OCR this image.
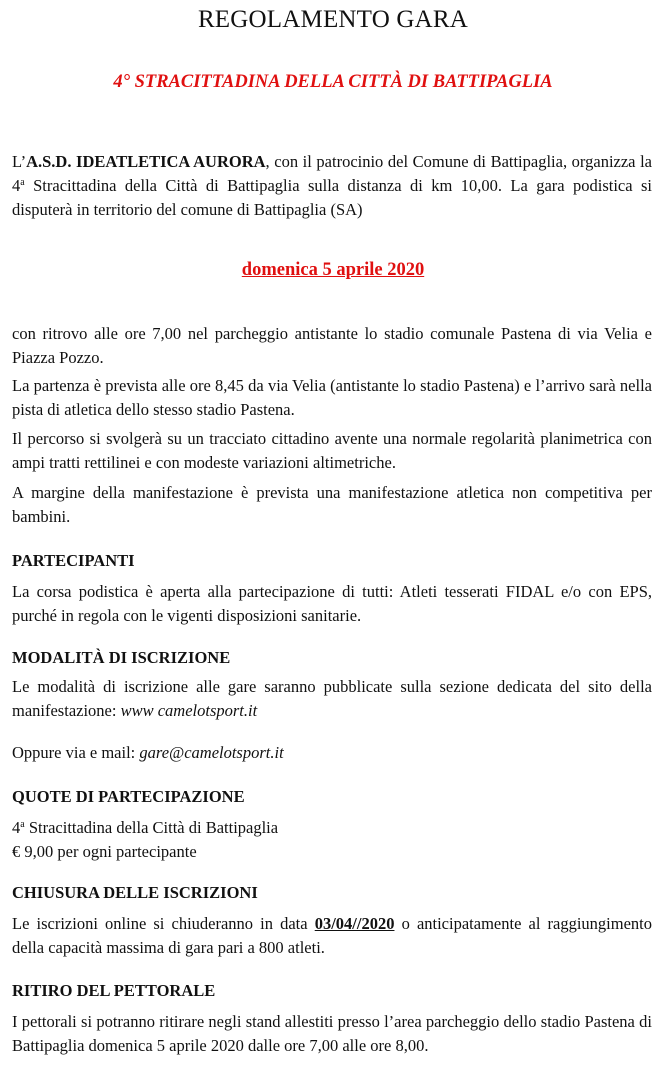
REGOLAMENTO GARA
4° STRACITTADINA DELLA CITTÀ DI BATTIPAGLIA

L’A.S.D. IDEATLETICA AURORA, con il patrocinio del Comune di Battipaglia, organizza la 4$^a$ Stracittadina della Città di Battipaglia sulla distanza di km 10,00. La gara podistica si disputerà in territorio del comune di Battipaglia (SA)

domenica 5 aprile 2020

con ritrovo alle ore 7,00 nel parcheggio antistante lo stadio comunale Pastena di via Velia e Piazza Pozzo.

La partenza è prevista alle ore 8,45 da via Velia (antistante lo stadio Pastena) e l’arrivo sarà nella pista di atletica dello stesso stadio Pastena.

Il percorso si svolgerà su un tracciato cittadino avente una normale regolarità planimetrica con ampi tratti rettilinei e con modeste variazioni altimetriche.

A margine della manifestazione è prevista una manifestazione atletica non competitiva per bambini.

PARTECIPANTI

La corsa podistica è aperta alla partecipazione di tutti: Atleti tesserati FIDAL e/o con EPS, purché in regola con le vigenti disposizioni sanitarie.

MODALITÀ DI ISCRIZIONE

Le modalità di iscrizione alle gare saranno pubblicate sulla sezione dedicata del sito della manifestazione: www camelotsport.it

Oppure via e mail: gare@camelotsport.it
QUOTE DI PARTECIPAZIONE
4$^a$ Stracittadina della Città di Battipaglia
€ 9,00 per ogni partecipante
CHIUSURA DELLE ISCRIZIONI

Le iscrizioni online si chiuderanno in data 03/04//2020 o anticipatamente al raggiungimento della capacità massima di gara pari a 800 atleti.

RITIRO DEL PETTORALE

I pettorali si potranno ritirare negli stand allestiti presso l’area parcheggio dello stadio Pastena di Battipaglia domenica 5 aprile 2020 dalle ore 7,00 alle ore 8,00.
